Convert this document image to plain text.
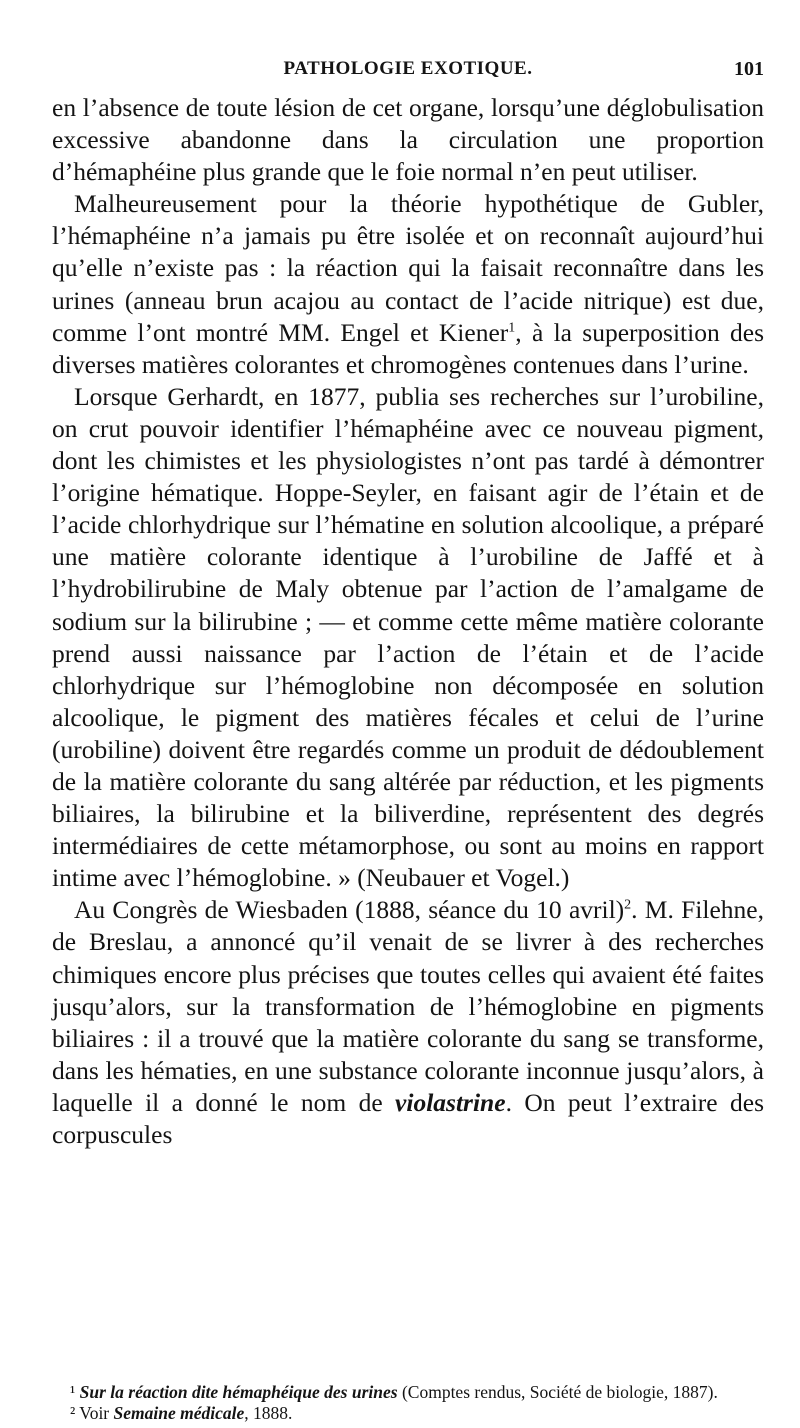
PATHOLOGIE EXOTIQUE.	101

en l’absence de toute lésion de cet organe, lorsqu’une déglobulisation excessive abandonne dans la circulation une proportion d’hémaphéine plus grande que le foie normal n’en peut utiliser.

Malheureusement pour la théorie hypothétique de Gubler, l’hémaphéine n’a jamais pu être isolée et on reconnaît aujourd’hui qu’elle n’existe pas : la réaction qui la faisait reconnaître dans les urines (anneau brun acajou au contact de l’acide nitrique) est due, comme l’ont montré MM. Engel et Kiener$^1$, à la superposition des diverses matières colorantes et chromogènes contenues dans l’urine.

Lorsque Gerhardt, en 1877, publia ses recherches sur l’urobiline, on crut pouvoir identifier l’hémaphéine avec ce nouveau pigment, dont les chimistes et les physiologistes n’ont pas tardé à démontrer l’origine hématique. Hoppe-Seyler, en faisant agir de l’étain et de l’acide chlorhydrique sur l’hématine en solution alcoolique, a préparé une matière colorante identique à l’urobiline de Jaffé et à l’hydrobilirubine de Maly obtenue par l’action de l’amalgame de sodium sur la bilirubine ; — et comme cette même matière colorante prend aussi naissance par l’action de l’étain et de l’acide chlorhydrique sur l’hémoglobine non décomposée en solution alcoolique, le pigment des matières fécales et celui de l’urine (urobiline) doivent être regardés comme un produit de dédoublement de la matière colorante du sang altérée par réduction, et les pigments biliaires, la bilirubine et la biliverdine, représentent des degrés intermédiaires de cette métamorphose, ou sont au moins en rapport intime avec l’hémoglobine. » (Neubauer et Vogel.)

Au Congrès de Wiesbaden (1888, séance du 10 avril)$^2$. M. Filehne, de Breslau, a annoncé qu’il venait de se livrer à des recherches chimiques encore plus précises que toutes celles qui avaient été faites jusqu’alors, sur la transformation de l’hémoglobine en pigments biliaires : il a trouvé que la matière colorante du sang se transforme, dans les hématies, en une substance colorante inconnue jusqu’alors, à laquelle il a donné le nom de violastrine. On peut l’extraire des corpuscules

¹ Sur la réaction dite hémaphéique des urines (Comptes rendus, Société de biologie, 1887).

² Voir Semaine médicale, 1888.
